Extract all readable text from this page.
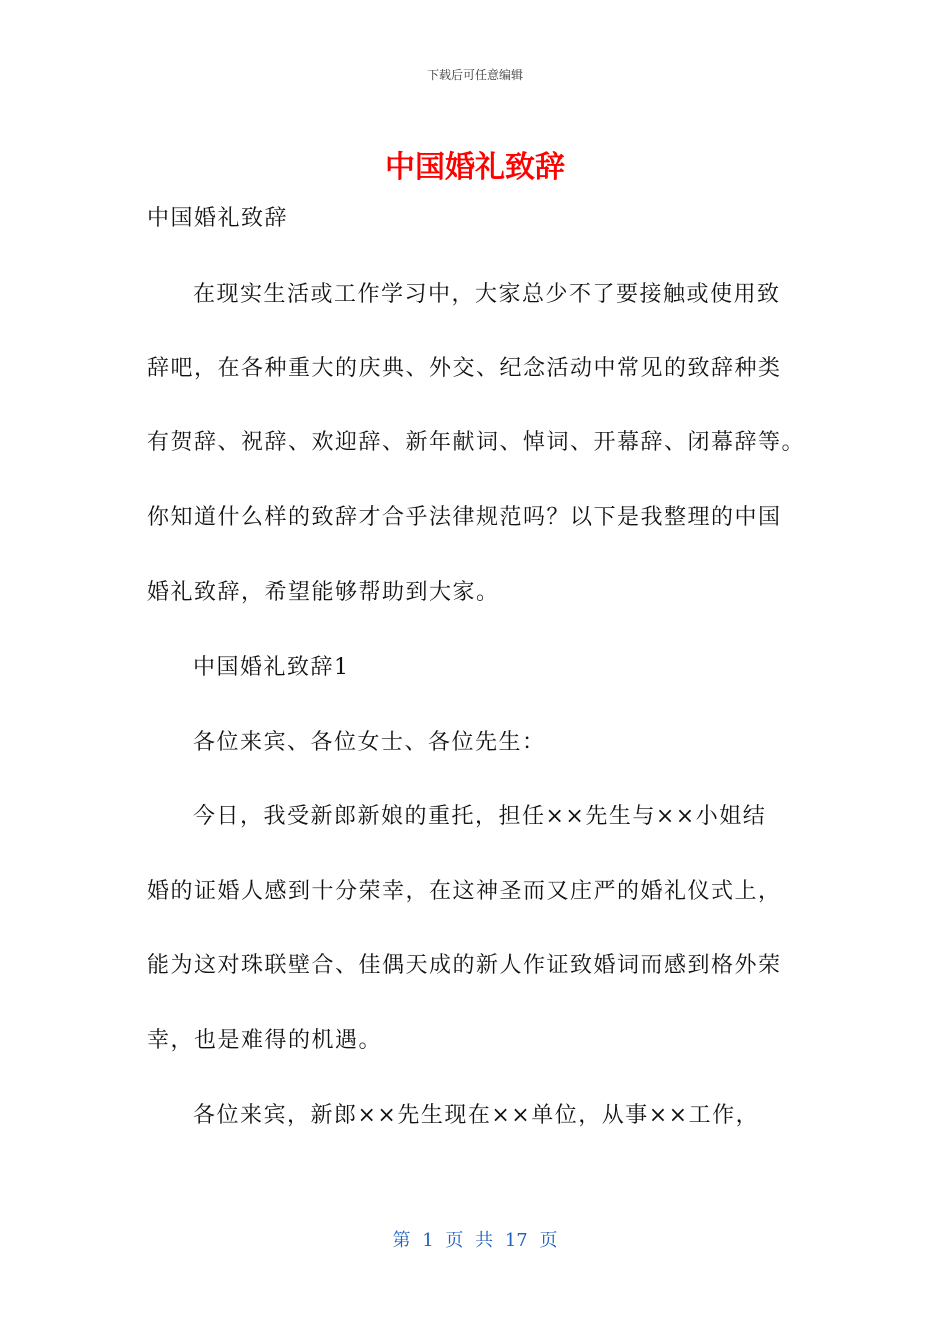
下载后可任意编辑
中国婚礼致辞
中国婚礼致辞
在现实生活或工作学习中，大家总少不了要接触或使用致
辞吧，在各种重大的庆典、外交、纪念活动中常见的致辞种类
有贺辞、祝辞、欢迎辞、新年献词、悼词、开幕辞、闭幕辞等。
你知道什么样的致辞才合乎法律规范吗？以下是我整理的中国
婚礼致辞，希望能够帮助到大家。
中国婚礼致辞1
各位来宾、各位女士、各位先生：
今日，我受新郎新娘的重托，担任××先生与××小姐结
婚的证婚人感到十分荣幸，在这神圣而又庄严的婚礼仪式上，
能为这对珠联壁合、佳偶天成的新人作证致婚词而感到格外荣
幸，也是难得的机遇。
各位来宾，新郎××先生现在××单位，从事××工作，
第 1 页 共 17 页
